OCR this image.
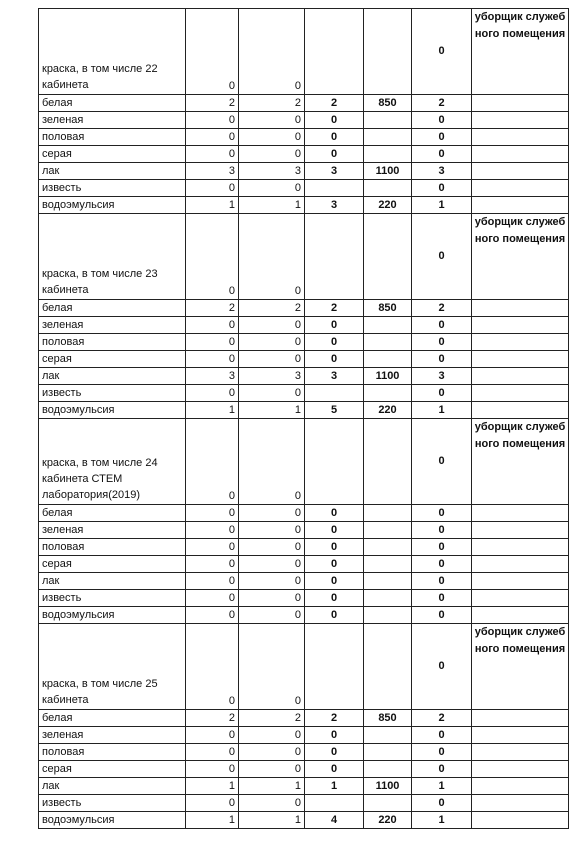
краска, в том числе 22 кабинета	0	0			0	уборщик служебного помещения
белая	2	2	2	850	2	
зеленая	0	0	0		0	
половая	0	0	0		0	
серая	0	0	0		0	
лак	3	3	3	1100	3	
известь	0	0			0	
водоэмульсия	1	1	3	220	1	
краска, в том числе 23 кабинета	0	0			0	уборщик служебного помещения
белая	2	2	2	850	2	
зеленая	0	0	0		0	
половая	0	0	0		0	
серая	0	0	0		0	
лак	3	3	3	1100	3	
известь	0	0			0	
водоэмульсия	1	1	5	220	1	
краска, в том числе 24 кабинета СТЕМ лаборатория(2019)	0	0			0	уборщик служебного помещения
белая	0	0	0		0	
зеленая	0	0	0		0	
половая	0	0	0		0	
серая	0	0	0		0	
лак	0	0	0		0	
известь	0	0	0		0	
водоэмульсия	0	0	0		0	
краска, в том числе 25 кабинета	0	0			0	уборщик служебного помещения
белая	2	2	2	850	2	
зеленая	0	0	0		0	
половая	0	0	0		0	
серая	0	0	0		0	
лак	1	1	1	1100	1	
известь	0	0			0	
водоэмульсия	1	1	4	220	1	
